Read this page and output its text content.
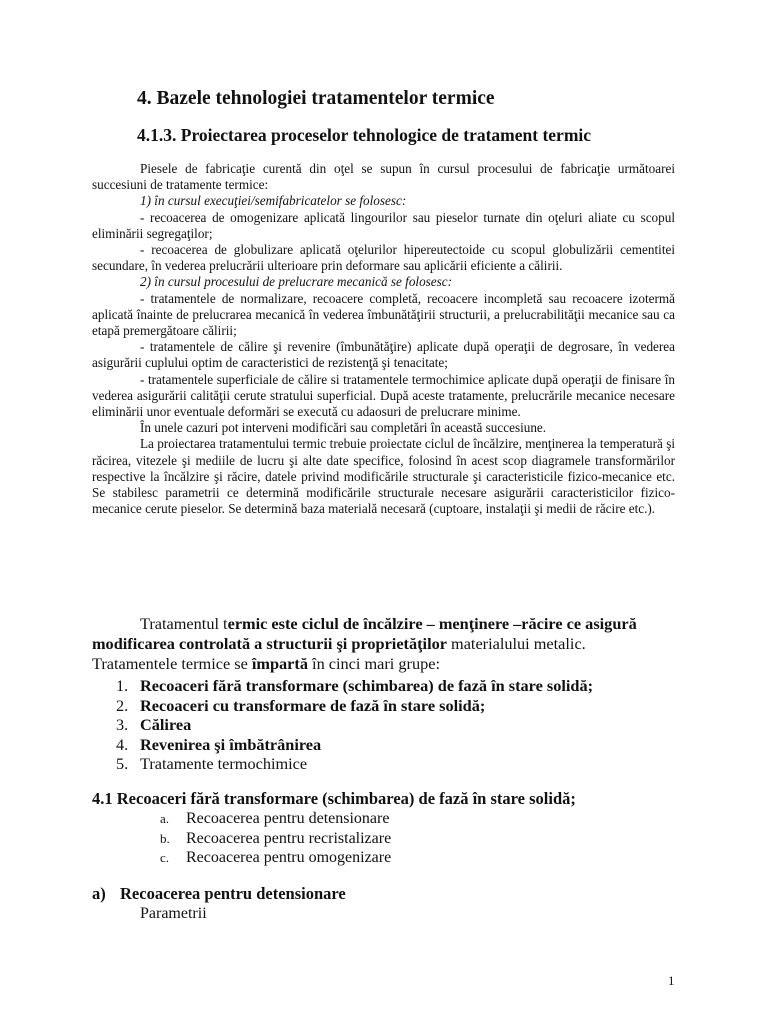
4. Bazele tehnologiei tratamentelor termice
4.1.3. Proiectarea proceselor tehnologice de tratament termic

Piesele de fabricaţie curentă din oţel se supun în cursul procesului de fabricaţie următoarei succesiuni de tratamente termice:

1) în cursul execuţiei/semifabricatelor se folosesc:

- recoacerea de omogenizare aplicată lingourilor sau pieselor turnate din oţeluri aliate cu scopul eliminării segregaţilor;

- recoacerea de globulizare aplicată oţelurilor hipereutectoide cu scopul globulizării cementitei secundare, în vederea prelucrării ulterioare prin deformare sau aplicării eficiente a călirii.

2) în cursul procesului de prelucrare mecanică se folosesc:

- tratamentele de normalizare, recoacere completă, recoacere incompletă sau recoacere izotermă aplicată înainte de prelucrarea mecanică în vederea îmbunătăţirii structurii, a prelucrabilităţii mecanice sau ca etapă premergătoare călirii;

- tratamentele de călire şi revenire (îmbunătăţire) aplicate după operaţii de degrosare, în vederea asigurării cuplului optim de caracteristici de rezistenţă şi tenacitate;

- tratamentele superficiale de călire si tratamentele termochimice aplicate după operaţii de finisare în vederea asigurării calităţii cerute stratului superficial. După aceste tratamente, prelucrările mecanice necesare eliminării unor eventuale deformări se execută cu adaosuri de prelucrare minime.

În unele cazuri pot interveni modificări sau completări în această succesiune.

La proiectarea tratamentului termic trebuie proiectate ciclul de încălzire, menţinerea la temperatură şi răcirea, vitezele şi mediile de lucru şi alte date specifice, folosind în acest scop diagramele transformărilor respective la încălzire şi răcire, datele privind modificările structurale şi caracteristicile fizico-mecanice etc. Se stabilesc parametrii ce determină modificările structurale necesare asigurării caracteristicilor fizico-mecanice cerute pieselor. Se determină baza materială necesară (cuptoare, instalaţii şi medii de răcire etc.).

Tratamentul termic este ciclul de încălzire – menţinere –răcire ce asigură modificarea controlată a structurii şi proprietăţilor materialului metalic.

Tratamentele termice se împartă în cinci mari grupe:

1. Recoaceri fără transformare (schimbarea) de fază în stare solidă;
2. Recoaceri cu transformare de fază în stare solidă;
3. Călirea
4. Revenirea şi îmbătrânirea
5. Tratamente termochimice
4.1 Recoaceri fără transformare (schimbarea) de fază în stare solidă;
a.	Recoacerea pentru detensionare
b.	Recoacerea pentru recristalizare
c.	Recoacerea pentru omogenizare
a) Recoacerea pentru detensionare
Parametrii
1
